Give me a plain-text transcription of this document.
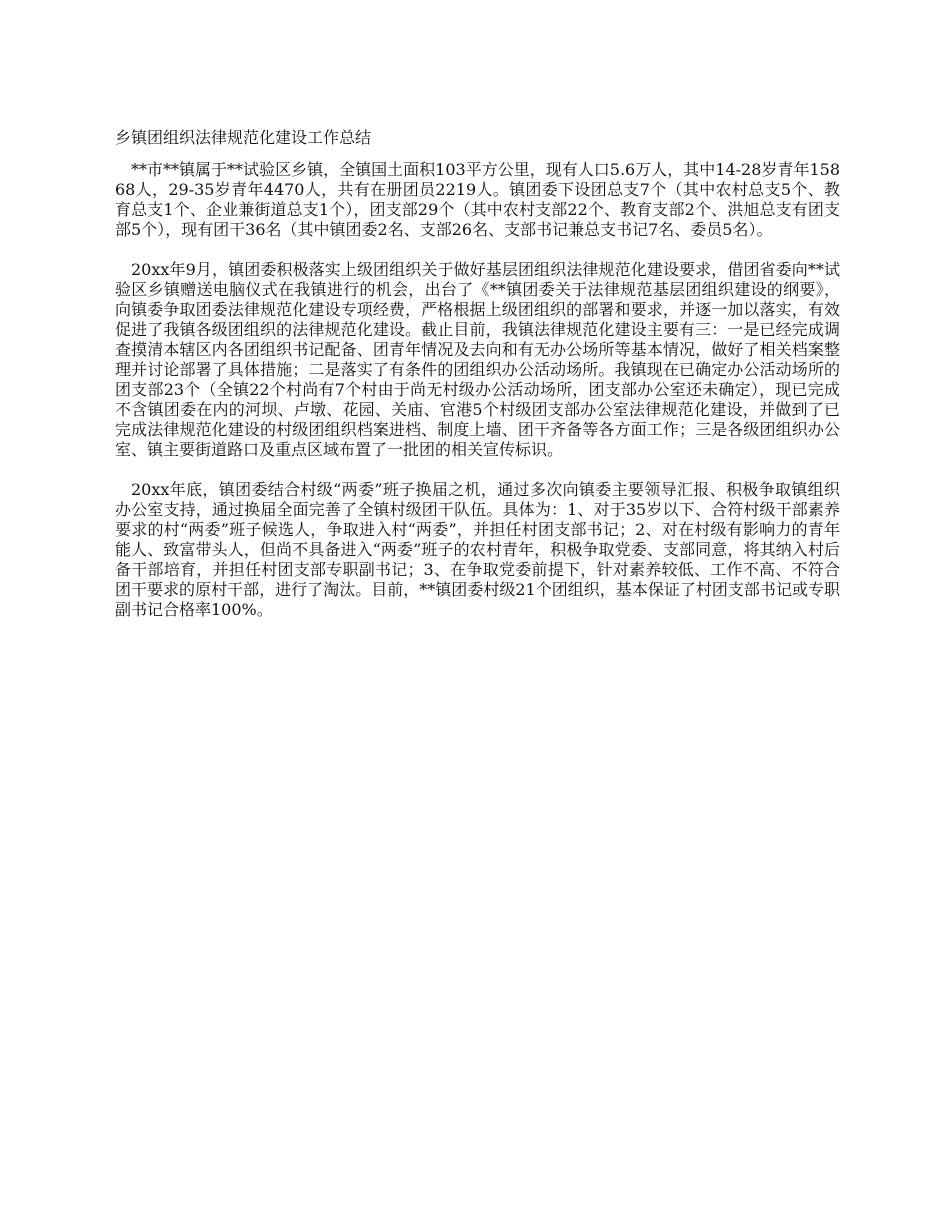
乡镇团组织法律规范化建设工作总结

**市**镇属于**试验区乡镇，全镇国土面积103平方公里，现有人口5.6万人，其中14-28岁青年15868人，29-35岁青年4470人，共有在册团员2219人。镇团委下设团总支7个（其中农村总支5个、教育总支1个、企业兼街道总支1个），团支部29个（其中农村支部22个、教育支部2个、洪旭总支有团支部5个），现有团干36名（其中镇团委2名、支部26名、支部书记兼总支书记7名、委员5名）。

20xx年9月，镇团委积极落实上级团组织关于做好基层团组织法律规范化建设要求，借团省委向**试验区乡镇赠送电脑仪式在我镇进行的机会，出台了《**镇团委关于法律规范基层团组织建设的纲要》，向镇委争取团委法律规范化建设专项经费，严格根据上级团组织的部署和要求，并逐一加以落实，有效促进了我镇各级团组织的法律规范化建设。截止目前，我镇法律规范化建设主要有三：一是已经完成调查摸清本辖区内各团组织书记配备、团青年情况及去向和有无办公场所等基本情况，做好了相关档案整理并讨论部署了具体措施；二是落实了有条件的团组织办公活动场所。我镇现在已确定办公活动场所的团支部23个（全镇22个村尚有7个村由于尚无村级办公活动场所，团支部办公室还未确定），现已完成不含镇团委在内的河坝、卢墩、花园、关庙、官港5个村级团支部办公室法律规范化建设，并做到了已完成法律规范化建设的村级团组织档案进档、制度上墙、团干齐备等各方面工作；三是各级团组织办公室、镇主要街道路口及重点区域布置了一批团的相关宣传标识。

20xx年底，镇团委结合村级“两委”班子换届之机，通过多次向镇委主要领导汇报、积极争取镇组织办公室支持，通过换届全面完善了全镇村级团干队伍。具体为：1、对于35岁以下、合符村级干部素养要求的村“两委”班子候选人，争取进入村“两委”，并担任村团支部书记；2、对在村级有影响力的青年能人、致富带头人，但尚不具备进入“两委”班子的农村青年，积极争取党委、支部同意，将其纳入村后备干部培育，并担任村团支部专职副书记；3、在争取党委前提下，针对素养较低、工作不高、不符合团干要求的原村干部，进行了淘汰。目前，**镇团委村级21个团组织，基本保证了村团支部书记或专职副书记合格率100%。
